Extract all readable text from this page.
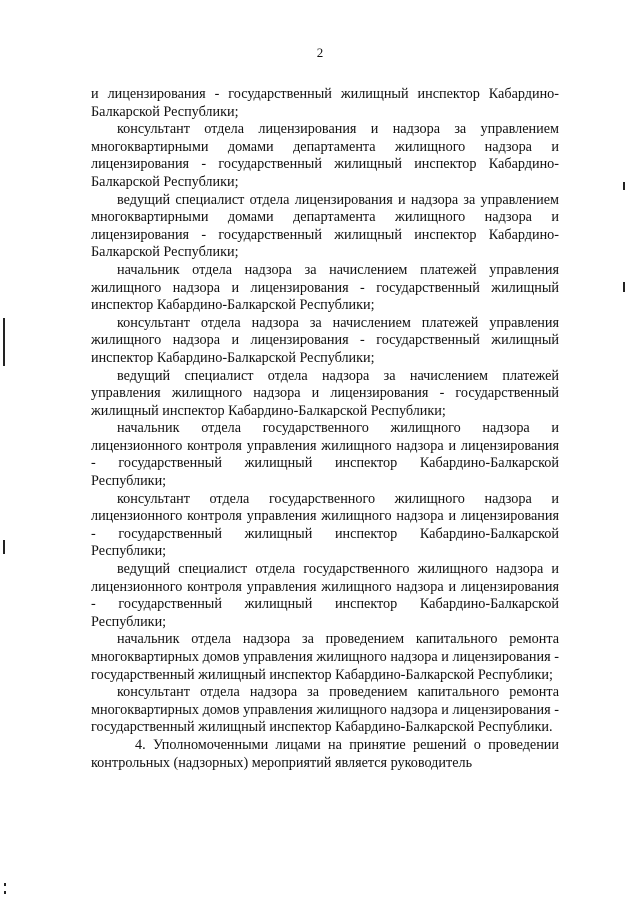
2

и лицензирования - государственный жилищный инспектор Кабардино-Балкарской Республики;

консультант отдела лицензирования и надзора за управлением многоквартирными домами департамента жилищного надзора и лицензирования - государственный жилищный инспектор Кабардино-Балкарской Республики;

ведущий специалист отдела лицензирования и надзора за управлением многоквартирными домами департамента жилищного надзора и лицензирования - государственный жилищный инспектор Кабардино-Балкарской Республики;

начальник отдела надзора за начислением платежей управления жилищного надзора и лицензирования - государственный жилищный инспектор Кабардино-Балкарской Республики;

консультант отдела надзора за начислением платежей управления жилищного надзора и лицензирования - государственный жилищный инспектор Кабардино-Балкарской Республики;

ведущий специалист отдела надзора за начислением платежей управления жилищного надзора и лицензирования - государственный жилищный инспектор Кабардино-Балкарской Республики;

начальник отдела государственного жилищного надзора и лицензионного контроля управления жилищного надзора и лицензирования - государственный жилищный инспектор Кабардино-Балкарской Республики;

консультант отдела государственного жилищного надзора и лицензионного контроля управления жилищного надзора и лицензирования - государственный жилищный инспектор Кабардино-Балкарской Республики;

ведущий специалист отдела государственного жилищного надзора и лицензионного контроля управления жилищного надзора и лицензирования - государственный жилищный инспектор Кабардино-Балкарской Республики;

начальник отдела надзора за проведением капитального ремонта многоквартирных домов управления жилищного надзора и лицензирования - государственный жилищный инспектор Кабардино-Балкарской Республики;

консультант отдела надзора за проведением капитального ремонта многоквартирных домов управления жилищного надзора и лицензирования - государственный жилищный инспектор Кабардино-Балкарской Республики.

4. Уполномоченными лицами на принятие решений о проведении контрольных (надзорных) мероприятий является руководитель
